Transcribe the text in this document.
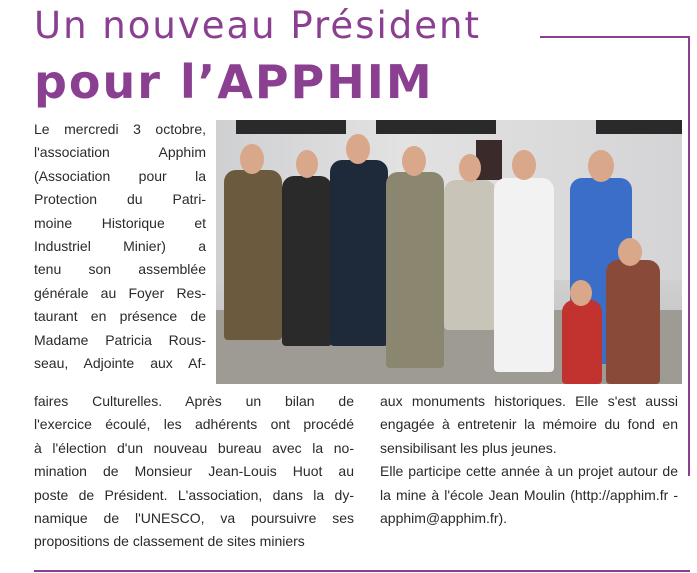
Un nouveau Président
pour l’APPHIM
Le mercredi 3 octobre,
l'association Apphim
(Association pour la
Protection du Patri-
moine Historique et
Industriel Minier) a
tenu son assemblée
générale au Foyer Res-
taurant en présence de
Madame Patricia Rous-
seau, Adjointe aux Af-
faires Culturelles. Après un bilan de
l'exercice écoulé, les adhérents ont procédé
à l'élection d'un nouveau bureau avec la no-
mination de Monsieur Jean-Louis Huot au
poste de Président. L'association, dans la dy-
namique de l'UNESCO, va poursuivre ses
propositions de classement de sites miniers

aux monuments historiques. Elle s'est aussi engagée à entretenir la mémoire du fond en sensibilisant les plus jeunes.

Elle participe cette année à un projet autour de la mine à l'école Jean Moulin (http://apphim.fr - apphim@apphim.fr).
